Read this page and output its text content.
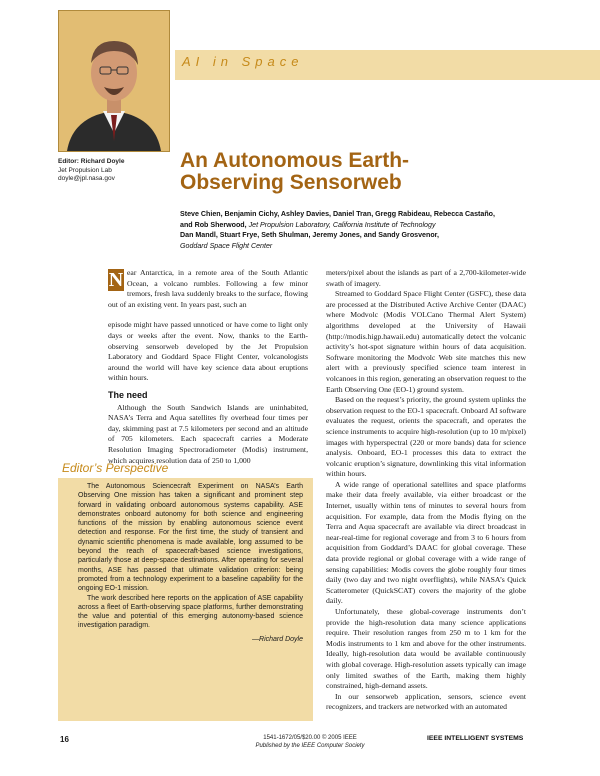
Editor: Richard Doyle
Jet Propulsion Lab
doyle@jpl.nasa.gov
AI in Space
An Autonomous Earth-
Observing Sensorweb
Steve Chien, Benjamin Cichy, Ashley Davies, Daniel Tran, Gregg Rabideau, Rebecca Castaño,
and Rob Sherwood, Jet Propulsion Laboratory, California Institute of Technology
Dan Mandl, Stuart Frye, Seth Shulman, Jeremy Jones, and Sandy Grosvenor,
Goddard Space Flight Center

N ear Antarctica, in a remote area of the South Atlantic Ocean, a volcano rumbles. Following a few minor tremors, fresh lava suddenly breaks to the surface, flowing out of an existing vent. In years past, such an

episode might have passed unnoticed or have come to light only days or weeks after the event. Now, thanks to the Earth-observing sensorweb developed by the Jet Propulsion Laboratory and Goddard Space Flight Center, volcanologists around the world will have key science data about eruptions within hours.

The need

Although the South Sandwich Islands are uninhabited, NASA’s Terra and Aqua satellites fly overhead four times per day, skimming past at 7.5 kilometers per second and an altitude of 705 kilometers. Each spacecraft carries a Moderate Resolution Imaging Spectroradiometer (Modis) instrument, which acquires resolution data of 250 to 1,000

meters/pixel about the islands as part of a 2,700-kilometer-wide swath of imagery.

Streamed to Goddard Space Flight Center (GSFC), these data are processed at the Distributed Active Archive Center (DAAC) where Modvolc (Modis VOLCano Thermal Alert System) algorithms developed at the University of Hawaii (http://modis.higp.hawaii.edu) automatically detect the volcanic activity’s hot-spot signature within hours of data acquisition. Software monitoring the Modvolc Web site matches this new alert with a previously specified science team interest in volcanoes in this region, generating an observation request to the Earth Observing One (EO-1) ground system.

Based on the request’s priority, the ground system uplinks the observation request to the EO-1 spacecraft. Onboard AI software evaluates the request, orients the spacecraft, and operates the science instruments to acquire high-resolution (up to 10 m/pixel) images with hyperspectral (220 or more bands) data for science analysis. Onboard, EO-1 processes this data to extract the volcanic eruption’s signature, downlinking this vital information within hours.

A wide range of operational satellites and space platforms make their data freely available, via either broadcast or the Internet, usually within tens of minutes to several hours from acquisition. For example, data from the Modis flying on the Terra and Aqua spacecraft are available via direct broadcast in near-real-time for regional coverage and from 3 to 6 hours from acquisition from Goddard’s DAAC for global coverage. These data provide regional or global coverage with a wide range of sensing capabilities: Modis covers the globe roughly four times daily (two day and two night overflights), while NASA’s Quick Scatterometer (QuickSCAT) covers the majority of the globe daily.

Unfortunately, these global-coverage instruments don’t provide the high-resolution data many science applications require. Their resolution ranges from 250 m to 1 km for the Modis instruments to 1 km and above for the other instruments. Ideally, high-resolution data would be available continuously with global coverage. High-resolution assets typically can image only limited swathes of the Earth, making them highly constrained, high-demand assets.

In our sensorweb application, sensors, science event recognizers, and trackers are networked with an automated

Editor’s Perspective

The Autonomous Sciencecraft Experiment on NASA’s Earth Observing One mission has taken a significant and prominent step forward in validating onboard autonomous systems capability. ASE demonstrates onboard autonomy for both science and engineering functions of the mission by enabling autonomous science event detection and response. For the first time, the study of transient and dynamic scientific phenomena is made available, long assumed to be beyond the reach of spacecraft-based science investigations, particularly those at deep-space destinations. After operating for several months, ASE has passed that ultimate validation criterion: being promoted from a technology experiment to a baseline capability for the ongoing EO-1 mission.

The work described here reports on the application of ASE capability across a fleet of Earth-observing space platforms, further demonstrating the value and potential of this emerging autonomy-based science investigation paradigm.

—Richard Doyle
16	1541-1672/05/$20.00 © 2005 IEEE
Published by the IEEE Computer Society
IEEE INTELLIGENT SYSTEMS
